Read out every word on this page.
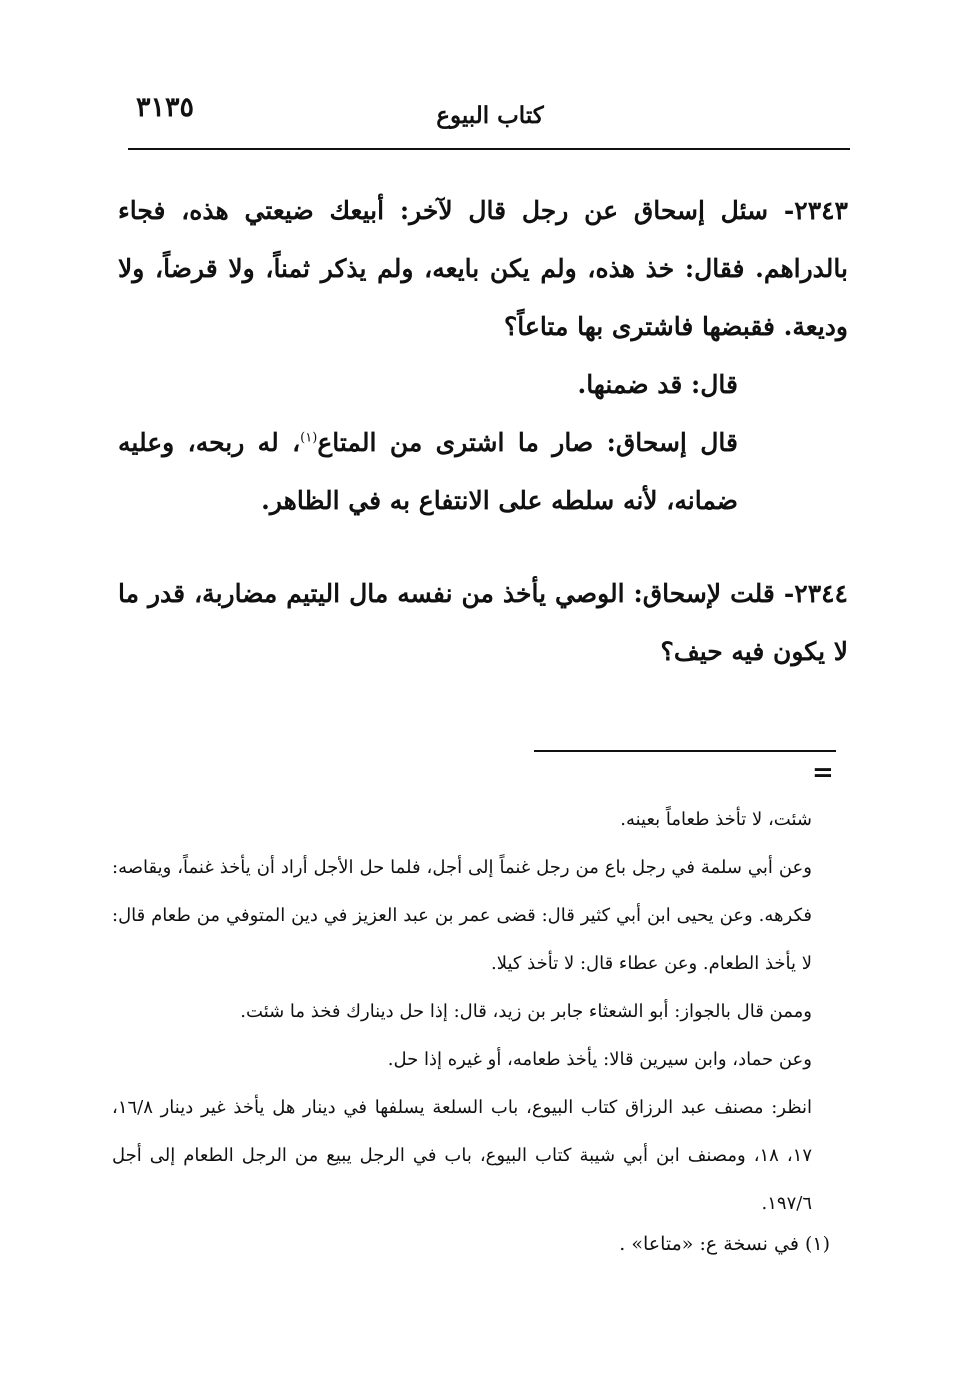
٣١٣٥	كتاب البيوع

٢٣٤٣- سئل إسحاق عن رجل قال لآخر: أبيعك ضيعتي هذه، فجاء بالدراهم. فقال: خذ هذه، ولم يكن بايعه، ولم يذكر ثمناً، ولا قرضاً، ولا وديعة. فقبضها فاشترى بها متاعاً؟

قال: قد ضمنها.

قال إسحاق: صار ما اشترى من المتاع$^{(١)}$، له ربحه، وعليه ضمانه، لأنه سلطه على الانتفاع به في الظاهر.

٢٣٤٤- قلت لإسحاق: الوصي يأخذ من نفسه مال اليتيم مضاربة، قدر ما لا يكون فيه حيف؟

=

شئت، لا تأخذ طعاماً بعينه.

وعن أبي سلمة في رجل باع من رجل غنماً إلى أجل، فلما حل الأجل أراد أن يأخذ غنماً، ويقاصه: فكرهه. وعن يحيى ابن أبي كثير قال: قضى عمر بن عبد العزيز في دين المتوفي من طعام قال: لا يأخذ الطعام. وعن عطاء قال: لا تأخذ كيلا.

وممن قال بالجواز: أبو الشعثاء جابر بن زيد، قال: إذا حل دينارك فخذ ما شئت.

وعن حماد، وابن سيرين قالا: يأخذ طعامه، أو غيره إذا حل.

انظر: مصنف عبد الرزاق كتاب البيوع، باب السلعة يسلفها في دينار هل يأخذ غير دينار ١٦/٨، ١٧، ١٨، ومصنف ابن أبي شيبة كتاب البيوع، باب في الرجل يبيع من الرجل الطعام إلى أجل ١٩٧/٦.

(١) في نسخة ع: «متاعا» .
